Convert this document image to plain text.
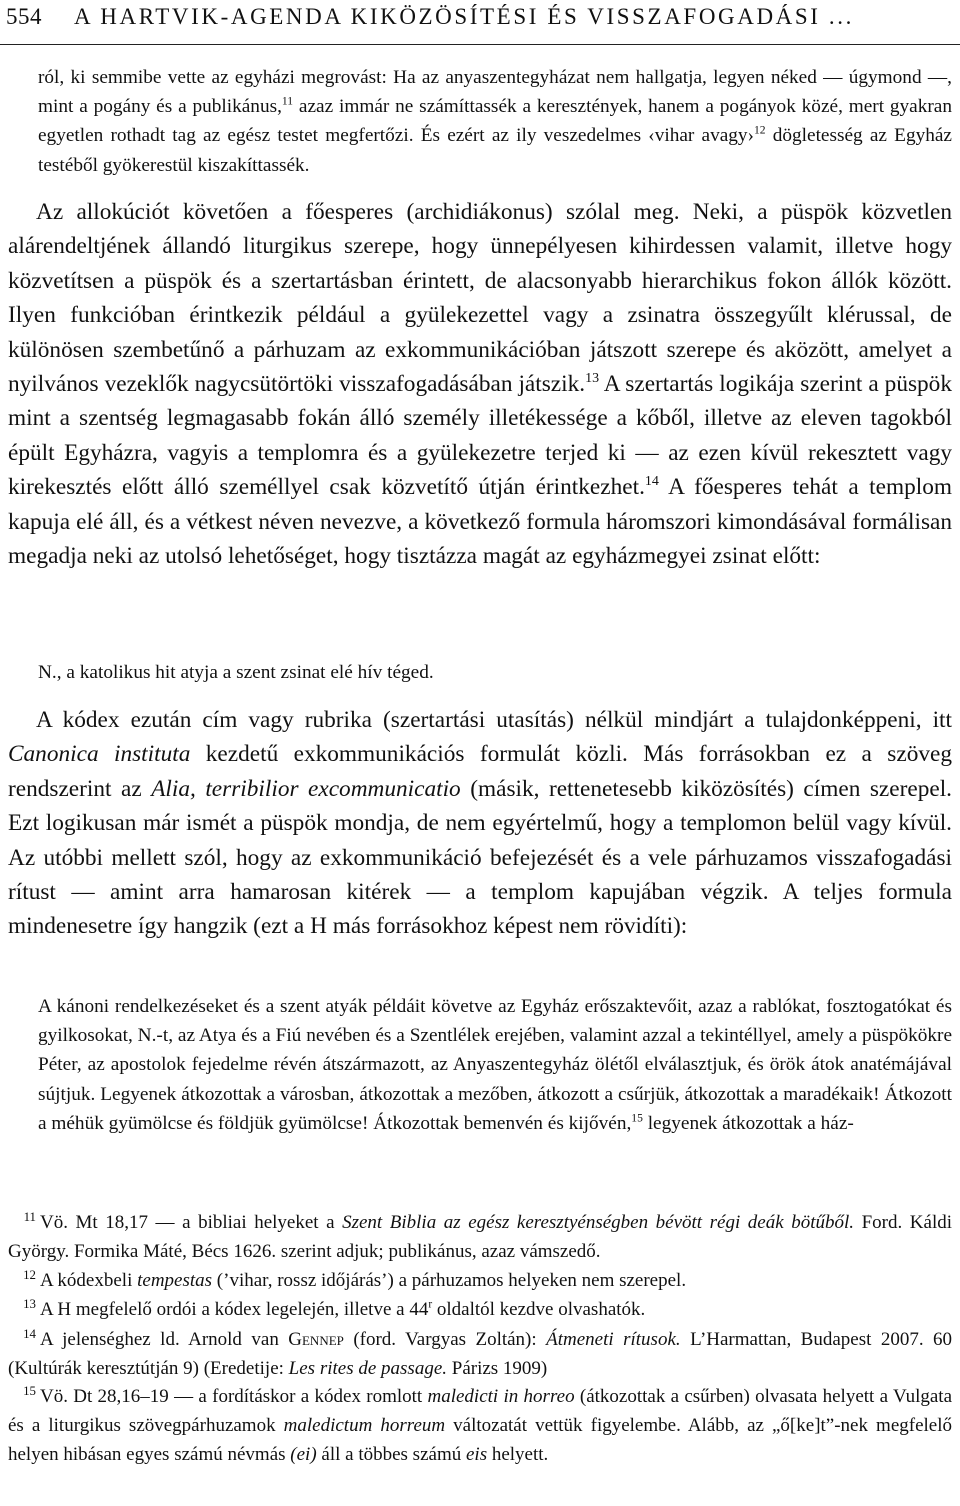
554 A HARTVIK-AGENDA KIKÖZÖSÍTÉSI ÉS VISSZAFOGADÁSI ...

ról, ki semmibe vette az egyházi megrovást: Ha az anyaszentegyházat nem hallgatja, legyen néked — úgymond —, mint a pogány és a publikánus,$^{11}$ azaz immár ne számíttassék a keresztények, hanem a pogányok közé, mert gyakran egyetlen rothadt tag az egész testet megfertőzi. És ezért az ily veszedelmes ‹vihar avagy›$^{12}$ dögletesség az Egyház testéből gyökerestül kiszakíttassék.

Az allokúciót követően a főesperes (archidiákonus) szólal meg. Neki, a püspök közvetlen alárendeltjének állandó liturgikus szerepe, hogy ünnepélyesen kihirdessen valamit, illetve hogy közvetítsen a püspök és a szertartásban érintett, de alacsonyabb hierarchikus fokon állók között. Ilyen funkcióban érintkezik például a gyülekezettel vagy a zsinatra összegyűlt klérussal, de különösen szembetűnő a párhuzam az exkommunikációban játszott szerepe és aközött, amelyet a nyilvános vezeklők nagycsütörtöki visszafogadásában játszik.$^{13}$ A szertartás logikája szerint a püspök mint a szentség legmagasabb fokán álló személy illetékessége a kőből, illetve az eleven tagokból épült Egyházra, vagyis a templomra és a gyülekezetre terjed ki — az ezen kívül rekesztett vagy kirekesztés előtt álló személlyel csak közvetítő útján érintkezhet.$^{14}$ A főesperes tehát a templom kapuja elé áll, és a vétkest néven nevezve, a következő formula háromszori kimondásával formálisan megadja neki az utolsó lehetőséget, hogy tisztázza magát az egyházmegyei zsinat előtt:

N., a katolikus hit atyja a szent zsinat elé hív téged.

A kódex ezután cím vagy rubrika (szertartási utasítás) nélkül mindjárt a tulajdonképpeni, itt Canonica instituta kezdetű exkommunikációs formulát közli. Más forrásokban ez a szöveg rendszerint az Alia, terribilior excommunicatio (másik, rettenetesebb kiközösítés) címen szerepel. Ezt logikusan már ismét a püspök mondja, de nem egyértelmű, hogy a templomon belül vagy kívül. Az utóbbi mellett szól, hogy az exkommunikáció befejezését és a vele párhuzamos visszafogadási rítust — amint arra hamarosan kitérek — a templom kapujában végzik. A teljes formula mindenesetre így hangzik (ezt a H más forrásokhoz képest nem rövidíti):

A kánoni rendelkezéseket és a szent atyák példáit követve az Egyház erőszaktevőit, azaz a rablókat, fosztogatókat és gyilkosokat, N.-t, az Atya és a Fiú nevében és a Szentlélek erejében, valamint azzal a tekintéllyel, amely a püspökökre Péter, az apostolok fejedelme révén átszármazott, az Anyaszentegyház ölétől elválasztjuk, és örök átok anatémájával sújtjuk. Legyenek átkozottak a városban, átkozottak a mezőben, átkozott a csűrjük, átkozottak a maradékaik! Átkozott a méhük gyümölcse és földjük gyümölcse! Átkozottak bemenvén és kijővén,$^{15}$ legyenek átkozottak a ház-

11 Vö. Mt 18,17 — a bibliai helyeket a Szent Biblia az egész keresztyénségben bévött régi deák bötűből. Ford. Káldi György. Formika Máté, Bécs 1626. szerint adjuk; publikánus, azaz vámszedő.

12 A kódexbeli tempestas (’vihar, rossz időjárás’) a párhuzamos helyeken nem szerepel.

13 A H megfelelő ordói a kódex legelején, illetve a 44$^r$ oldaltól kezdve olvashatók.

14 A jelenséghez ld. Arnold van Gennep (ford. Vargyas Zoltán): Átmeneti rítusok. L’Harmattan, Budapest 2007. 60 (Kultúrák keresztútján 9) (Eredetije: Les rites de passage. Párizs 1909)

15 Vö. Dt 28,16–19 — a fordításkor a kódex romlott maledicti in horreo (átkozottak a csűrben) olvasata helyett a Vulgata és a liturgikus szövegpárhuzamok maledictum horreum változatát vettük figyelembe. Alább, az „ő[ke]t”-nek megfelelő helyen hibásan egyes számú névmás (ei) áll a többes számú eis helyett.
